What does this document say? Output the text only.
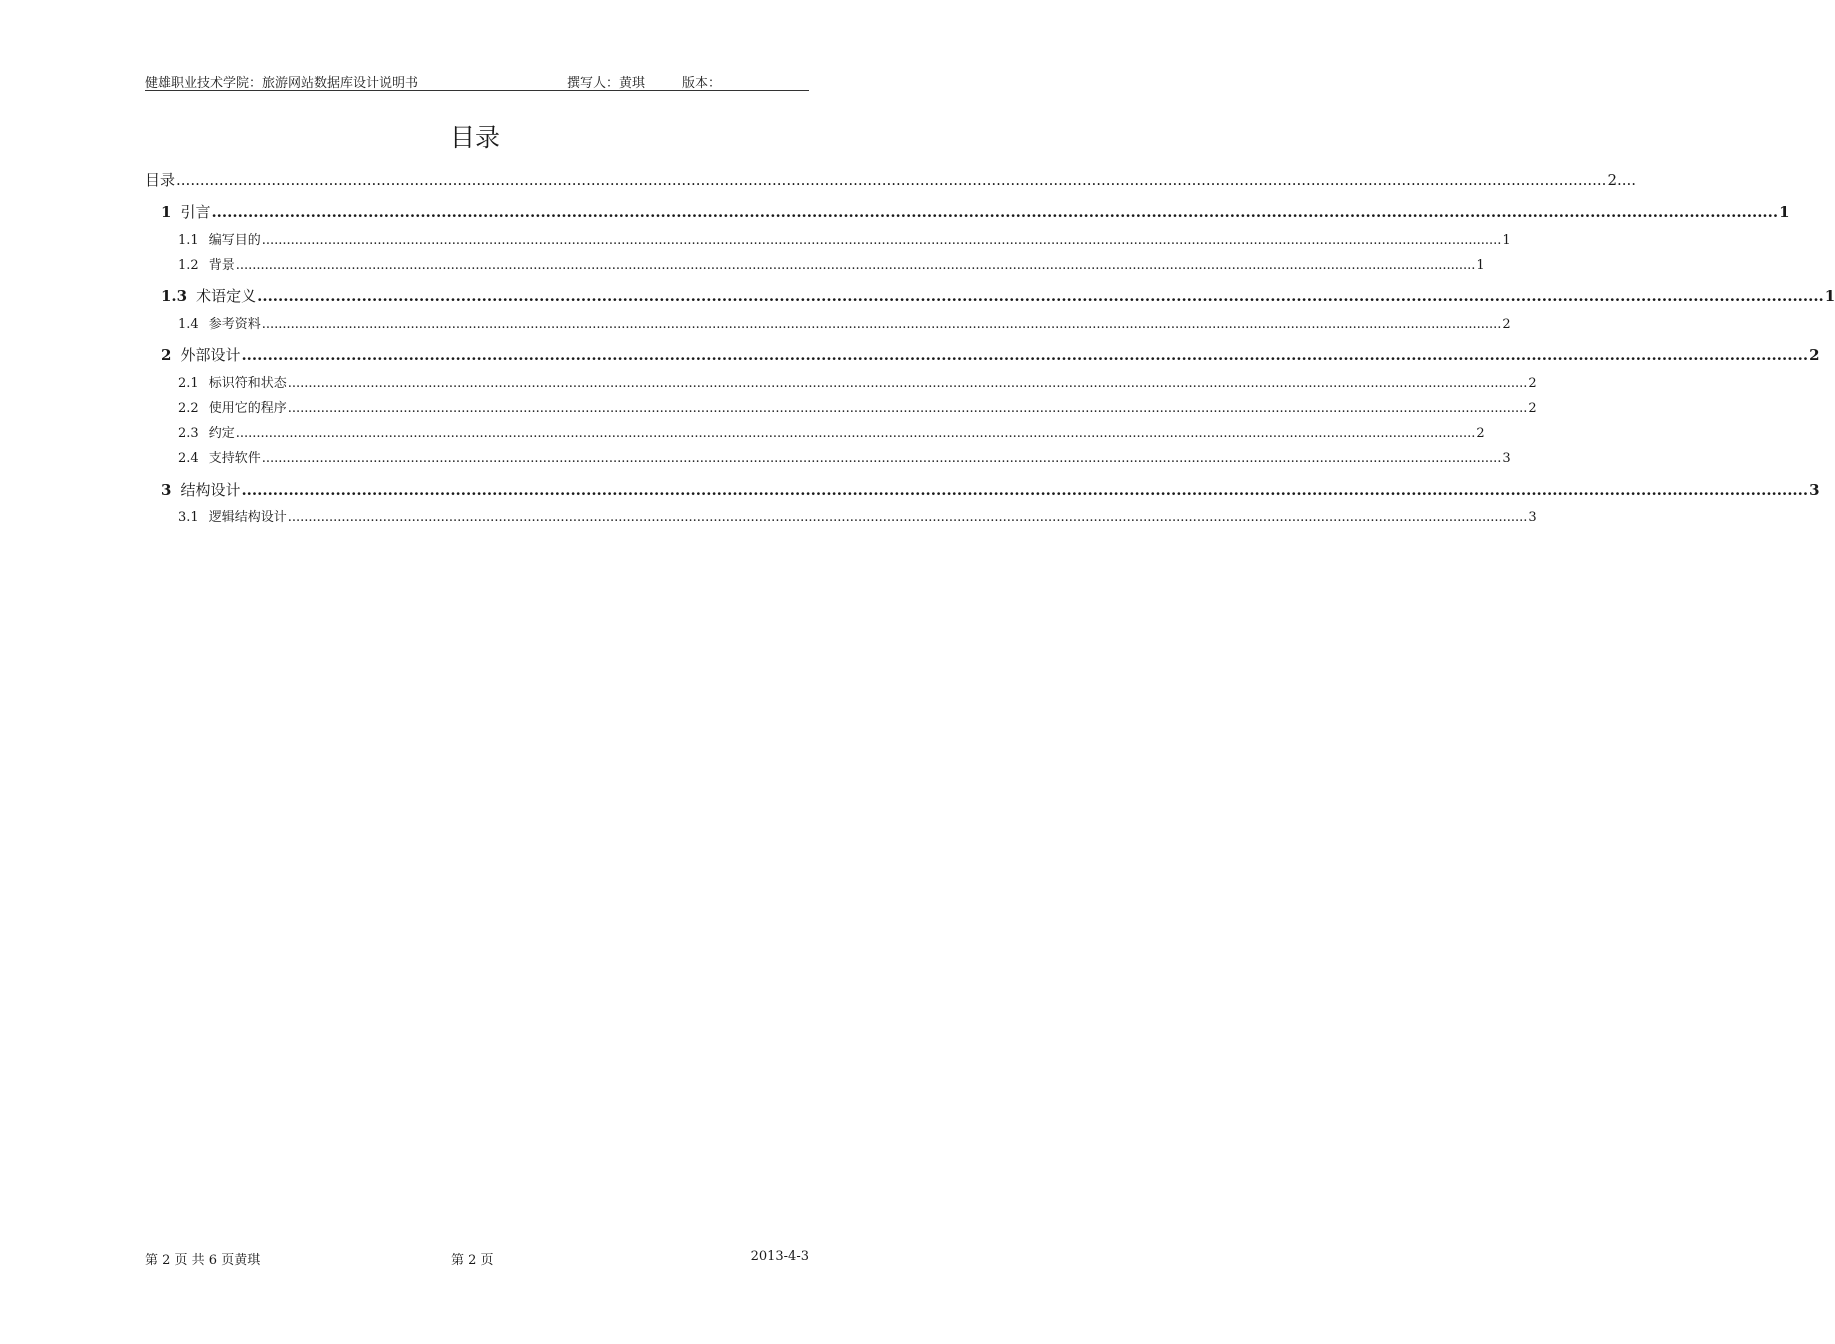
健雄职业技术学院：旅游网站数据库设计说明书	撰写人：黄琪	版本：
目录
目录 ............................................................................................................................................................................................................................................................................................................ 2....
1 引言 ............................................................................................................................................................................................................................................................................................................ 1
1.1 编写目的 ............................................................................................................................................................................................................................................................................................................ 1
1.2 背景 ............................................................................................................................................................................................................................................................................................................ 1
1.3 术语定义 ............................................................................................................................................................................................................................................................................................................ 1
1.4 参考资料 ............................................................................................................................................................................................................................................................................................................ 2
2 外部设计 ............................................................................................................................................................................................................................................................................................................ 2
2.1 标识符和状态 ............................................................................................................................................................................................................................................................................................................ 2
2.2 使用它的程序 ............................................................................................................................................................................................................................................................................................................ 2
2.3 约定 ............................................................................................................................................................................................................................................................................................................ 2
2.4 支持软件 ............................................................................................................................................................................................................................................................................................................ 3
3 结构设计 ............................................................................................................................................................................................................................................................................................................ 3
3.1 逻辑结构设计 ............................................................................................................................................................................................................................................................................................................ 3
第 2 页 共 6 页黄琪	第 2 页	2013-4-3
